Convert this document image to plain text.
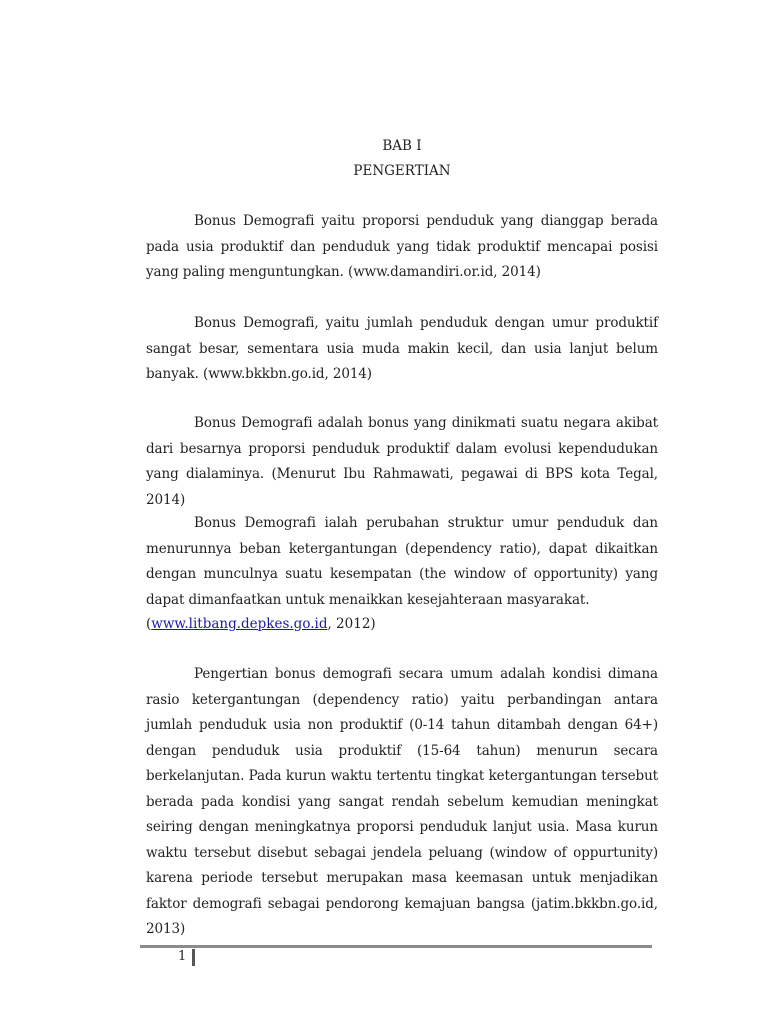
BAB I
PENGERTIAN

Bonus Demografi yaitu proporsi penduduk yang dianggap berada pada usia produktif dan penduduk yang tidak produktif mencapai posisi yang paling menguntungkan. (www.damandiri.or.id, 2014)

Bonus Demografi, yaitu jumlah penduduk dengan umur produktif sangat besar, sementara usia muda makin kecil, dan usia lanjut belum banyak. (www.bkkbn.go.id, 2014)

Bonus Demografi adalah bonus yang dinikmati suatu negara akibat dari besarnya proporsi penduduk produktif dalam evolusi kependudukan yang dialaminya. (Menurut Ibu Rahmawati, pegawai di BPS kota Tegal, 2014)

Bonus Demografi ialah perubahan struktur umur penduduk dan menurunnya beban ketergantungan (dependency ratio), dapat dikaitkan dengan munculnya suatu kesempatan (the window of opportunity) yang dapat dimanfaatkan untuk menaikkan kesejahteraan masyarakat.

(www.litbang.depkes.go.id, 2012)

Pengertian bonus demografi secara umum adalah kondisi dimana rasio ketergantungan (dependency ratio) yaitu perbandingan antara jumlah penduduk usia non produktif (0-14 tahun ditambah dengan 64+) dengan penduduk usia produktif (15-64 tahun) menurun secara berkelanjutan. Pada kurun waktu tertentu tingkat ketergantungan tersebut berada pada kondisi yang sangat rendah sebelum kemudian meningkat seiring dengan meningkatnya proporsi penduduk lanjut usia. Masa kurun waktu tersebut disebut sebagai jendela peluang (window of oppurtunity) karena periode tersebut merupakan masa keemasan untuk menjadikan faktor demografi sebagai pendorong kemajuan bangsa (jatim.bkkbn.go.id, 2013)

1
